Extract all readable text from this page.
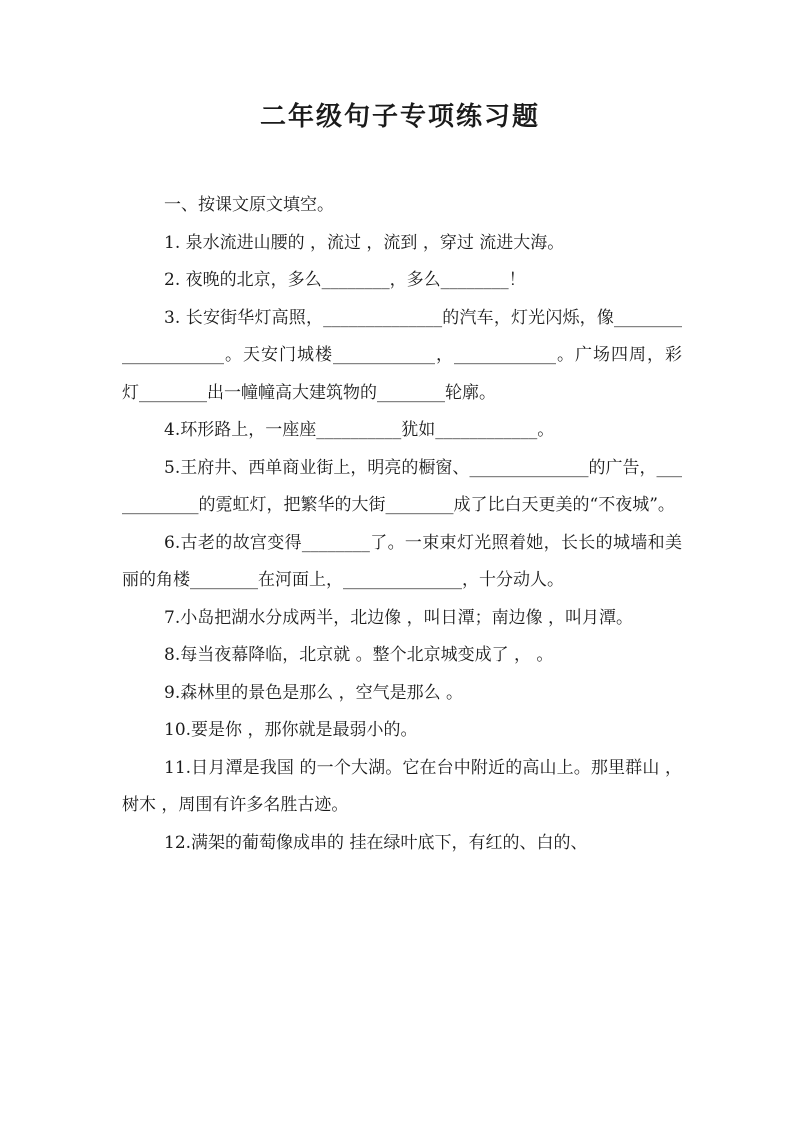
二年级句子专项练习题

一、按课文原文填空。

1. 泉水流进山腰的 ，流过 ，流到 ，穿过 流进大海。

2. 夜晚的北京，多么________，多么________！

3. 长安街华灯高照，______________的汽车，灯光闪烁，像____________________。天安门城楼____________，____________。广场四周，彩灯________出一幢幢高大建筑物的________轮廓。

4.环形路上，一座座__________犹如____________。

5.王府井、西单商业街上，明亮的橱窗、______________的广告，____________的霓虹灯，把繁华的大街________成了比白天更美的“不夜城”。

6.古老的故宫变得________了。一束束灯光照着她，长长的城墙和美丽的角楼________在河面上，______________，十分动人。

7.小岛把湖水分成两半，北边像 ，叫日潭；南边像 ，叫月潭。

8.每当夜幕降临，北京就 。整个北京城变成了 ， 。

9.森林里的景色是那么 ，空气是那么 。

10.要是你 ，那你就是最弱小的。

11.日月潭是我国 的一个大湖。它在台中附近的高山上。那里群山 ，树木 ，周围有许多名胜古迹。

12.满架的葡萄像成串的 挂在绿叶底下，有红的、白的、
